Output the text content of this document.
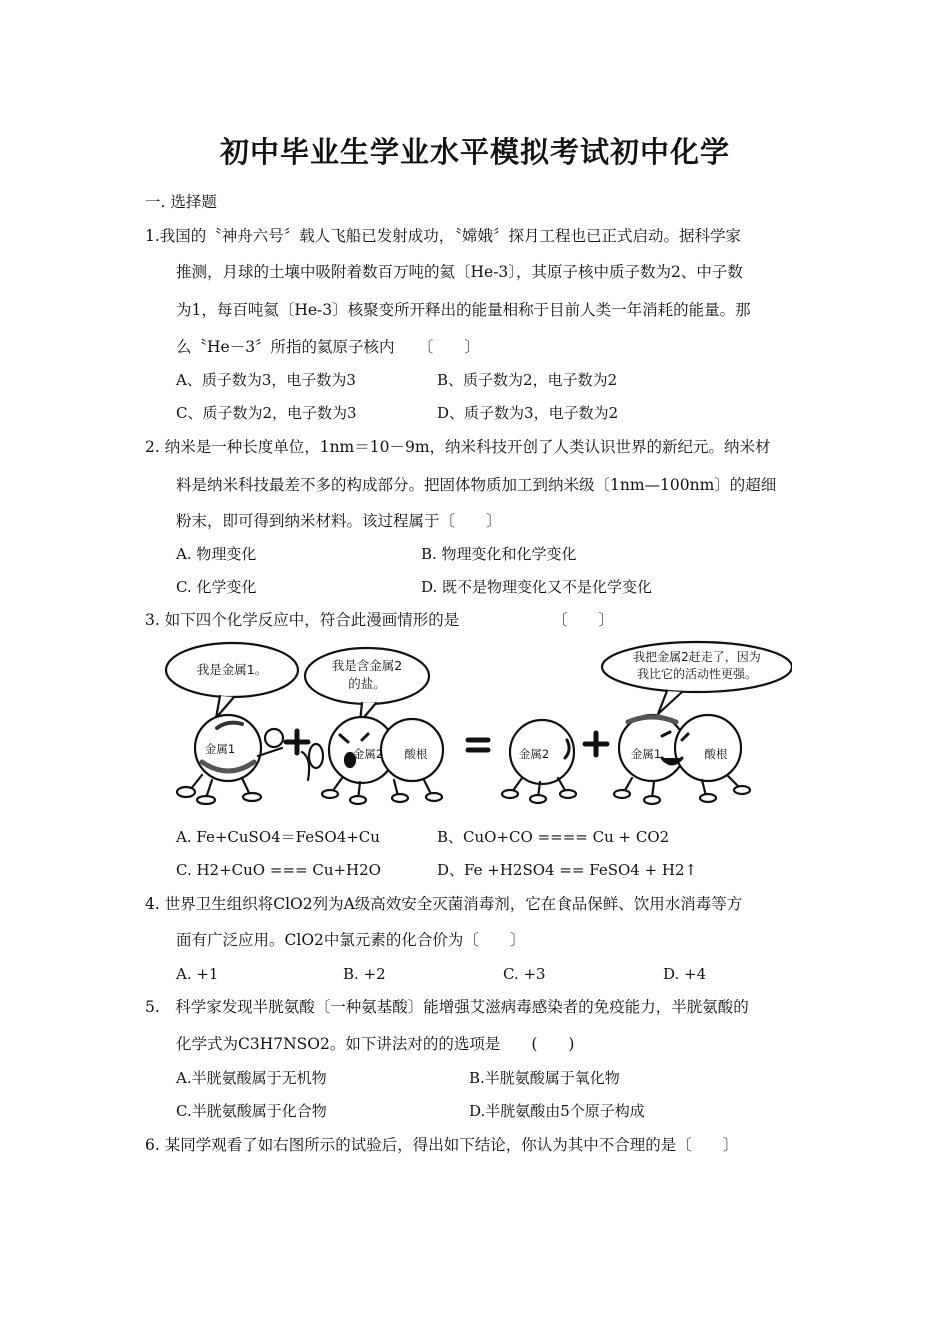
初中毕业生学业水平模拟考试初中化学
一. 选择题
1.我国的〝神舟六号〞载人飞船已发射成功，〝嫦娥〞探月工程也已正式启动。据科学家
推测，月球的土壤中吸附着数百万吨的氦〔He-3〕，其原子核中质子数为2、中子数
为1，每百吨氦〔He-3〕核聚变所开释出的能量相称于目前人类一年消耗的能量。那
么〝He－3〞所指的氦原子核内　　〔　　〕
A、质子数为3，电子数为3	B、质子数为2，电子数为2
C、质子数为2，电子数为3	D、质子数为3，电子数为2
2. 纳米是一种长度单位，1nm＝10－9m，纳米科技开创了人类认识世界的新纪元。纳米材
料是纳米科技最差不多的构成部分。把固体物质加工到纳米级〔1nm—100nm〕的超细
粉末，即可得到纳米材料。该过程属于〔　　〕
A. 物理变化	B. 物理变化和化学变化
C. 化学变化	D. 既不是物理变化又不是化学变化
3. 如下四个化学反应中，符合此漫画情形的是	〔　　〕
我是金属1。	我是含金属2
的盐。
我把金属2赶走了，因为
我比它的活动性更强。
金属1	金属2 酸根	金属2	金属1	酸根
A. Fe+CuSO4＝FeSO4+Cu	B、CuO+CO ==== Cu + CO2
C. H2+CuO === Cu+H2O	D、Fe +H2SO4 == FeSO4 + H2↑
4. 世界卫生组织将ClO2列为A级高效安全灭菌消毒剂，它在食品保鲜、饮用水消毒等方
面有广泛应用。ClO2中氯元素的化合价为〔　　〕
A. +1	B. +2	C. +3	D. +4
5.　科学家发现半胱氨酸〔一种氨基酸〕能增强艾滋病毒感染者的免疫能力，半胱氨酸的
化学式为C3H7NSO2。如下讲法对的的选项是　　(　　)
A.半胱氨酸属于无机物	B.半胱氨酸属于氧化物
C.半胱氨酸属于化合物	D.半胱氨酸由5个原子构成
6. 某同学观看了如右图所示的试验后，得出如下结论，你认为其中不合理的是〔　　〕
